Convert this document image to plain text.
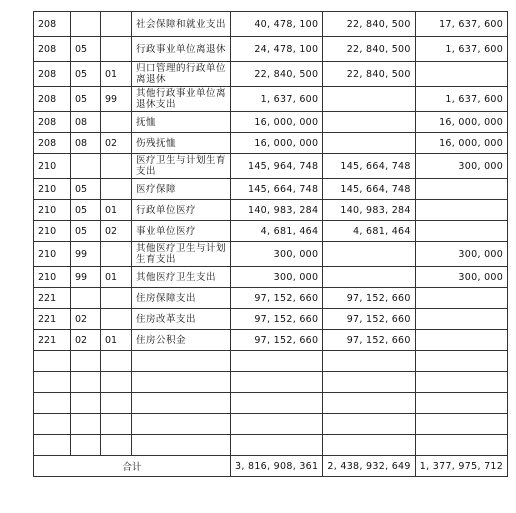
208			社会保障和就业支出	40, 478, 100	22, 840, 500	17, 637, 600
208	05		行政事业单位离退休	24, 478, 100	22, 840, 500	1, 637, 600
208	05	01	归口管理的行政单位离退休	22, 840, 500	22, 840, 500	
208	05	99	其他行政事业单位离退休支出	1, 637, 600		1, 637, 600
208	08		抚恤	16, 000, 000		16, 000, 000
208	08	02	伤残抚恤	16, 000, 000		16, 000, 000
210			医疗卫生与计划生育支出	145, 964, 748	145, 664, 748	300, 000
210	05		医疗保障	145, 664, 748	145, 664, 748	
210	05	01	行政单位医疗	140, 983, 284	140, 983, 284	
210	05	02	事业单位医疗	4, 681, 464	4, 681, 464	
210	99		其他医疗卫生与计划生育支出	300, 000		300, 000
210	99	01	其他医疗卫生支出	300, 000		300, 000
221			住房保障支出	97, 152, 660	97, 152, 660	
221	02		住房改革支出	97, 152, 660	97, 152, 660	
221	02	01	住房公积金	97, 152, 660	97, 152, 660	

合计				3, 816, 908, 361	2, 438, 932, 649	1, 377, 975, 712
